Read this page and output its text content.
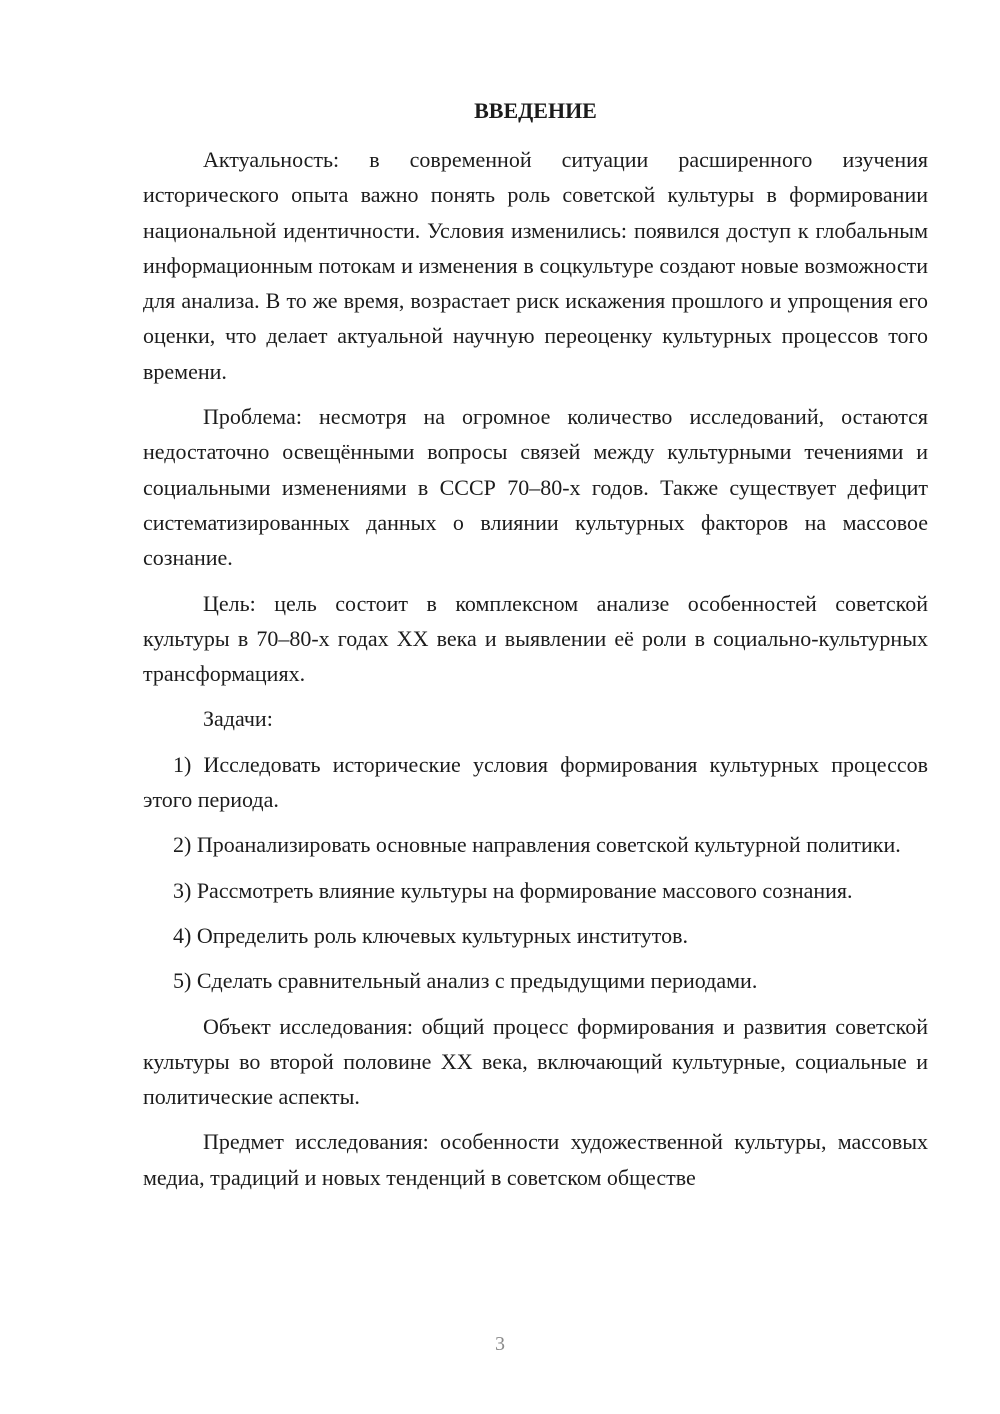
ВВЕДЕНИЕ

Актуальность: в современной ситуации расширенного изучения исторического опыта важно понять роль советской культуры в формировании национальной идентичности. Условия изменились: появился доступ к глобальным информационным потокам и изменения в соцкультуре создают новые возможности для анализа. В то же время, возрастает риск искажения прошлого и упрощения его оценки, что делает актуальной научную переоценку культурных процессов того времени.

Проблема: несмотря на огромное количество исследований, остаются недостаточно освещёнными вопросы связей между культурными течениями и социальными изменениями в СССР 70–80-х годов. Также существует дефицит систематизированных данных о влиянии культурных факторов на массовое сознание.

Цель: цель состоит в комплексном анализе особенностей советской культуры в 70–80-х годах XX века и выявлении её роли в социально-культурных трансформациях.

Задачи:

1) Исследовать исторические условия формирования культурных процессов этого периода.

2) Проанализировать основные направления советской культурной политики.

3) Рассмотреть влияние культуры на формирование массового сознания.

4) Определить роль ключевых культурных институтов.

5) Сделать сравнительный анализ с предыдущими периодами.

Объект исследования: общий процесс формирования и развития советской культуры во второй половине XX века, включающий культурные, социальные и политические аспекты.

Предмет исследования: особенности художественной культуры, массовых медиа, традиций и новых тенденций в советском обществе

3
